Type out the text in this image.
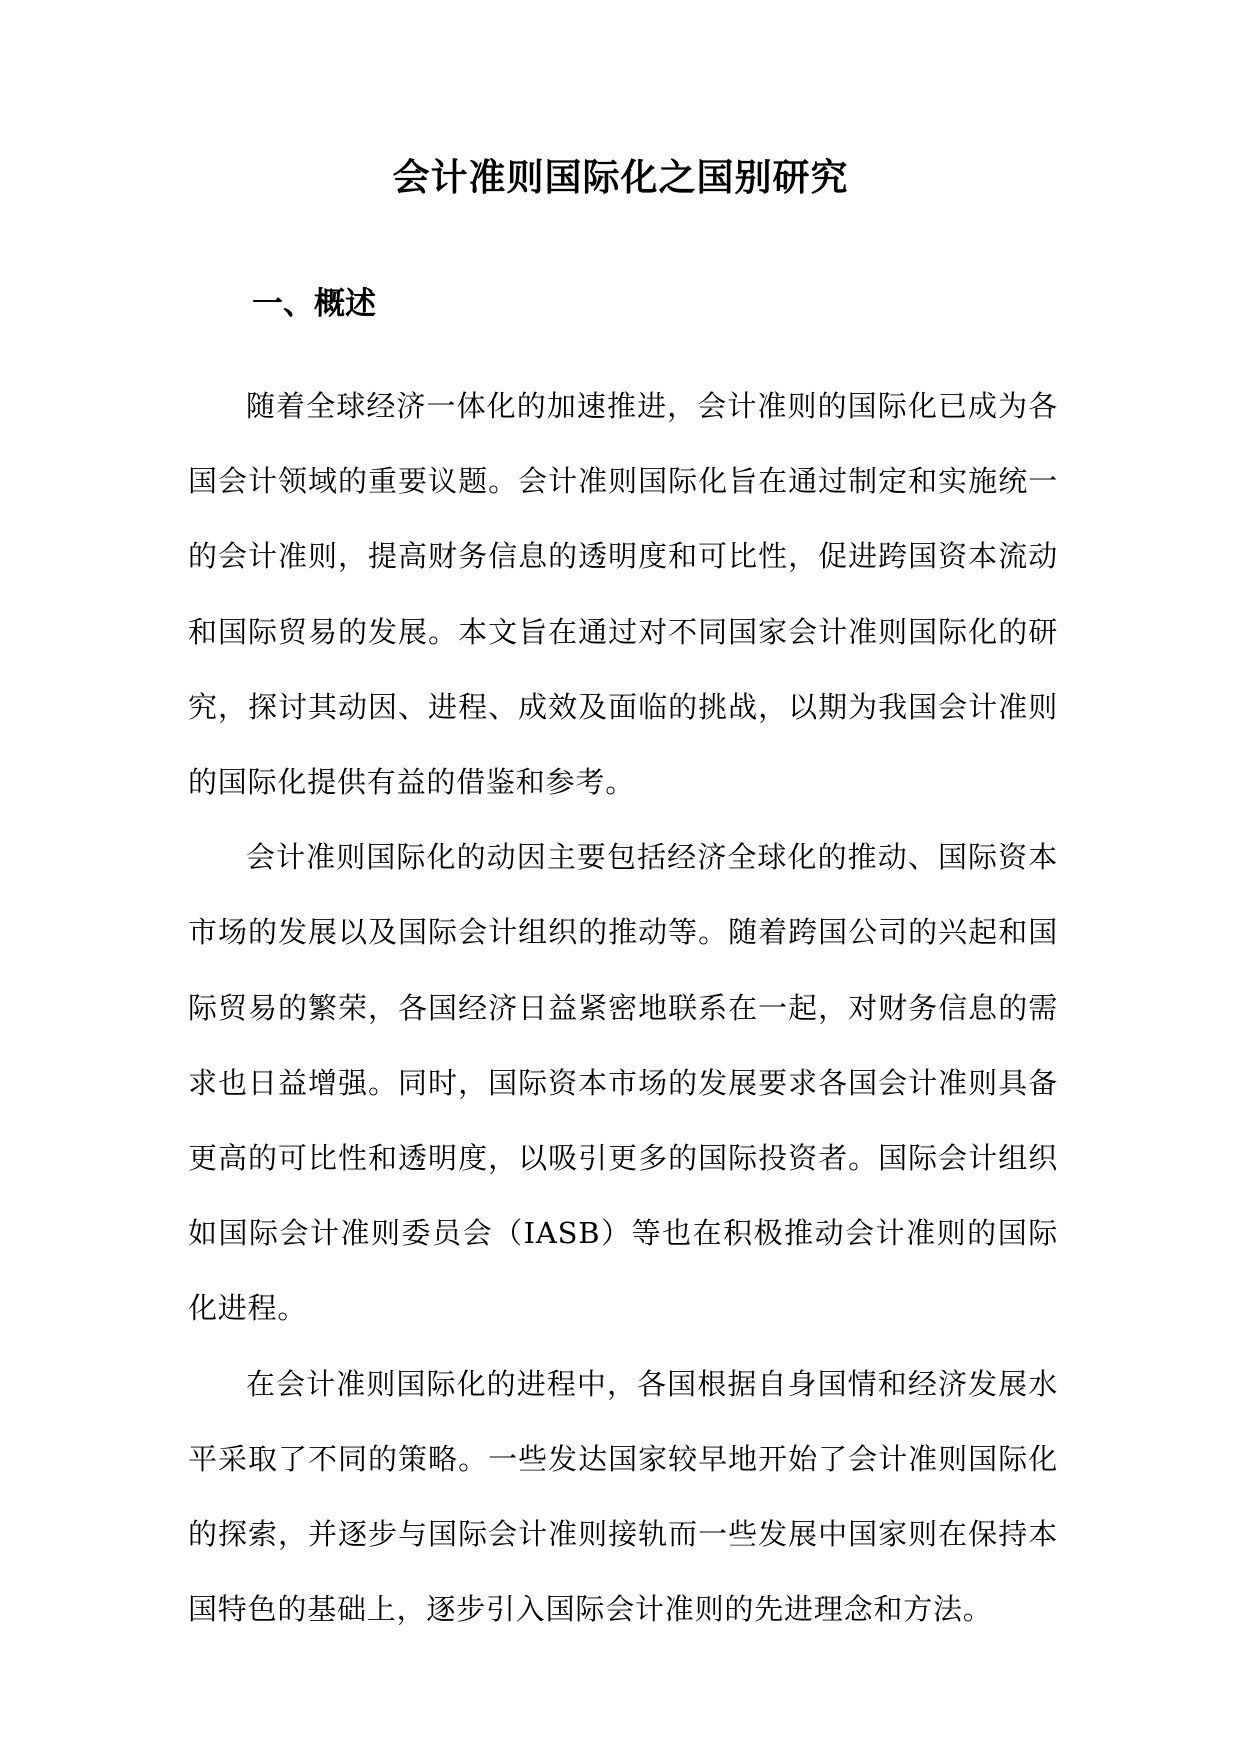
会计准则国际化之国别研究
一、概述

随着全球经济一体化的加速推进，会计准则的国际化已成为各国会计领域的重要议题。会计准则国际化旨在通过制定和实施统一的会计准则，提高财务信息的透明度和可比性，促进跨国资本流动和国际贸易的发展。本文旨在通过对不同国家会计准则国际化的研究，探讨其动因、进程、成效及面临的挑战，以期为我国会计准则的国际化提供有益的借鉴和参考。

会计准则国际化的动因主要包括经济全球化的推动、国际资本市场的发展以及国际会计组织的推动等。随着跨国公司的兴起和国际贸易的繁荣，各国经济日益紧密地联系在一起，对财务信息的需求也日益增强。同时，国际资本市场的发展要求各国会计准则具备更高的可比性和透明度，以吸引更多的国际投资者。国际会计组织如国际会计准则委员会（IASB）等也在积极推动会计准则的国际化进程。

在会计准则国际化的进程中，各国根据自身国情和经济发展水平采取了不同的策略。一些发达国家较早地开始了会计准则国际化的探索，并逐步与国际会计准则接轨而一些发展中国家则在保持本国特色的基础上，逐步引入国际会计准则的先进理念和方法。
